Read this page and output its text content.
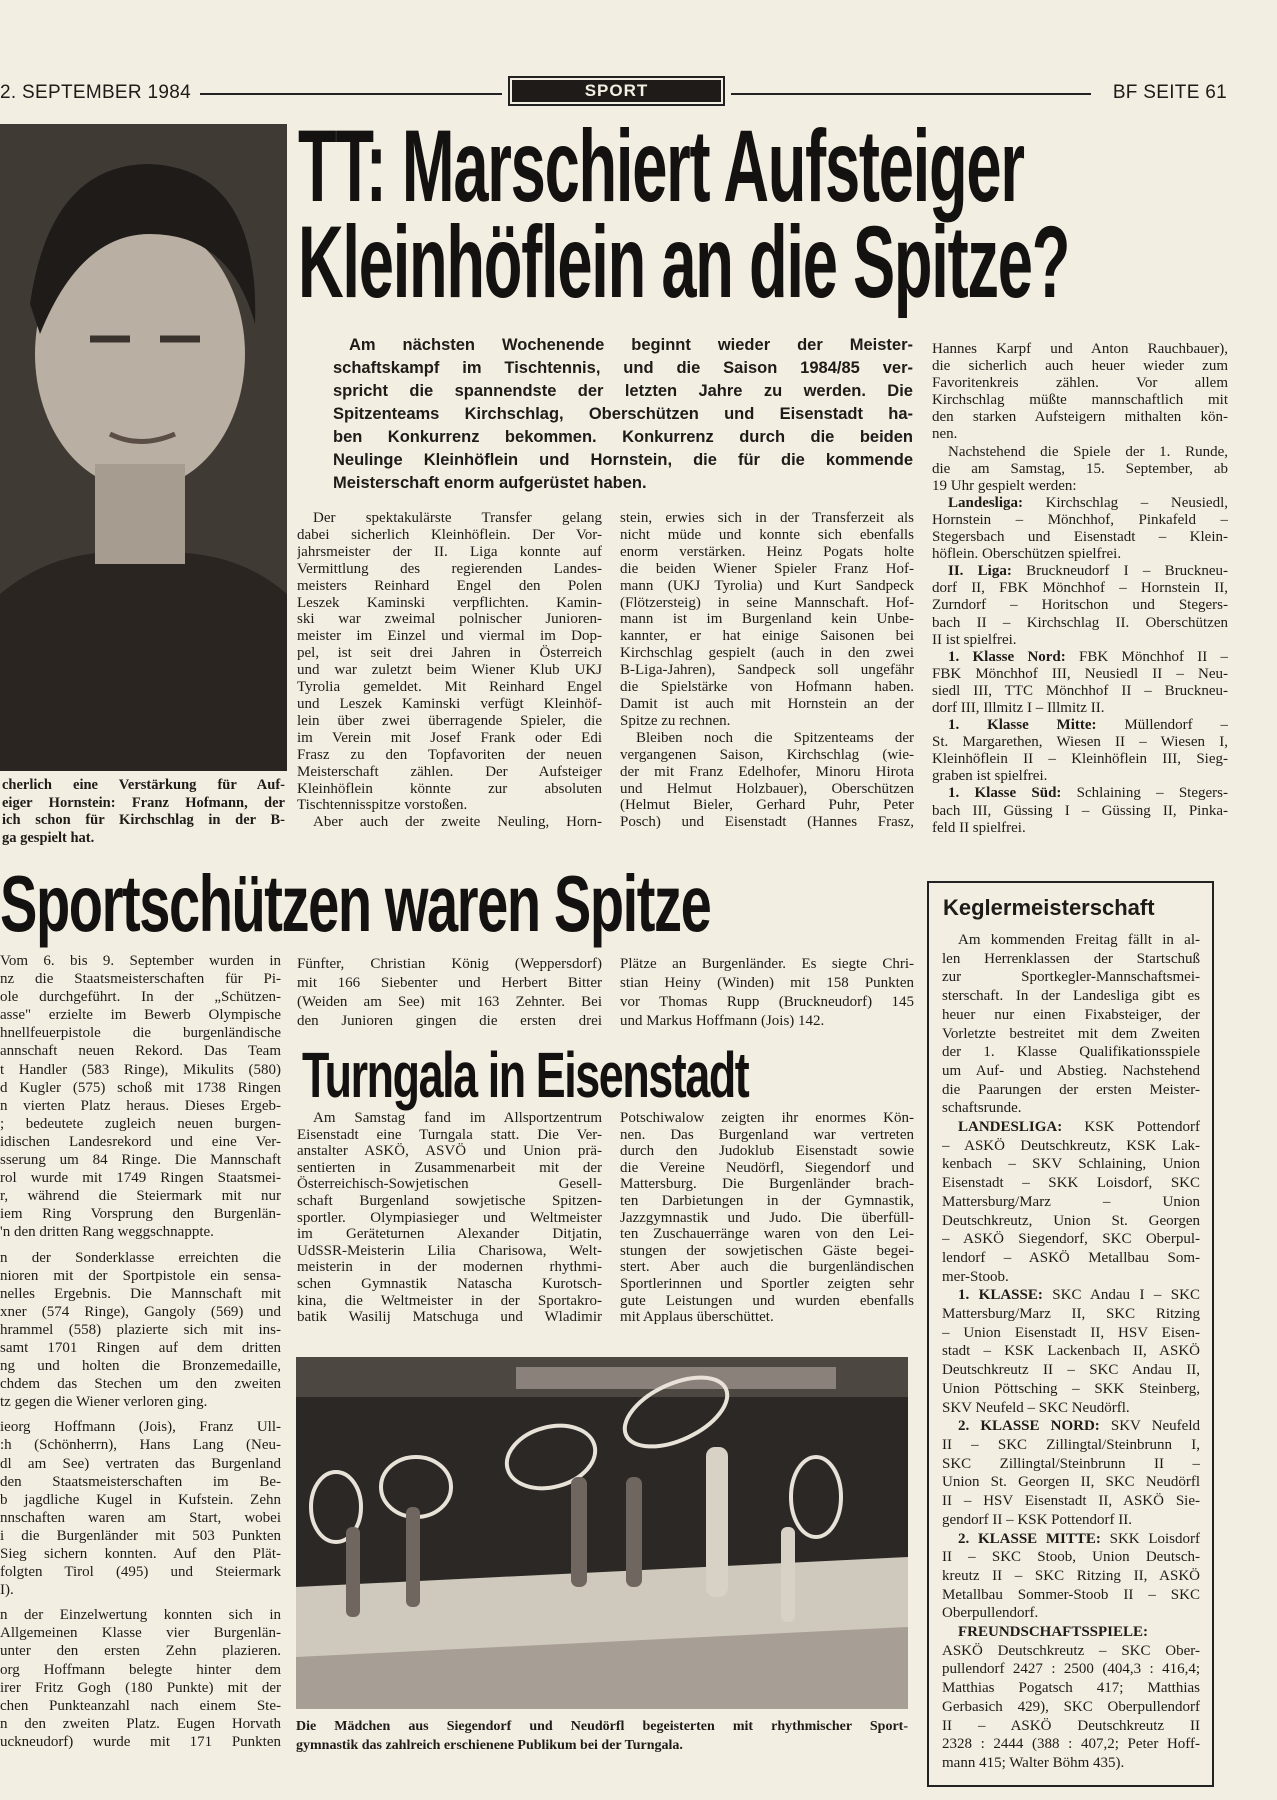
2. SEPTEMBER 1984	SPORT	BF SEITE 61
cherlich eine Verstärkung für Auf-
eiger Hornstein: Franz Hofmann, der
ich schon für Kirchschlag in der B-
ga gespielt hat.
TT: Marschiert Aufsteiger
Kleinhöflein an die Spitze?
Am nächsten Wochenende beginnt wieder der Meister-
schaftskampf im Tischtennis, und die Saison 1984/85 ver-
spricht die spannendste der letzten Jahre zu werden. Die
Spitzenteams Kirchschlag, Oberschützen und Eisenstadt ha-
ben Konkurrenz bekommen. Konkurrenz durch die beiden
Neulinge Kleinhöflein und Hornstein, die für die kommende
Meisterschaft enorm aufgerüstet haben.
Der spektakulärste Transfer gelang
dabei sicherlich Kleinhöflein. Der Vor-
jahrsmeister der II. Liga konnte auf
Vermittlung des regierenden Landes-
meisters Reinhard Engel den Polen
Leszek Kaminski verpflichten. Kamin-
ski war zweimal polnischer Junioren-
meister im Einzel und viermal im Dop-
pel, ist seit drei Jahren in Österreich
und war zuletzt beim Wiener Klub UKJ
Tyrolia gemeldet. Mit Reinhard Engel
und Leszek Kaminski verfügt Kleinhöf-
lein über zwei überragende Spieler, die
im Verein mit Josef Frank oder Edi
Frasz zu den Topfavoriten der neuen
Meisterschaft zählen. Der Aufsteiger
Kleinhöflein könnte zur absoluten
Tischtennisspitze vorstoßen.
Aber auch der zweite Neuling, Horn-
stein, erwies sich in der Transferzeit als
nicht müde und konnte sich ebenfalls
enorm verstärken. Heinz Pogats holte
die beiden Wiener Spieler Franz Hof-
mann (UKJ Tyrolia) und Kurt Sandpeck
(Flötzersteig) in seine Mannschaft. Hof-
mann ist im Burgenland kein Unbe-
kannter, er hat einige Saisonen bei
Kirchschlag gespielt (auch in den zwei
B-Liga-Jahren), Sandpeck soll ungefähr
die Spielstärke von Hofmann haben.
Damit ist auch mit Hornstein an der
Spitze zu rechnen.
Bleiben noch die Spitzenteams der
vergangenen Saison, Kirchschlag (wie-
der mit Franz Edelhofer, Minoru Hirota
und Helmut Holzbauer), Oberschützen
(Helmut Bieler, Gerhard Puhr, Peter
Posch) und Eisenstadt (Hannes Frasz,
Hannes Karpf und Anton Rauchbauer),
die sicherlich auch heuer wieder zum
Favoritenkreis zählen. Vor allem
Kirchschlag müßte mannschaftlich mit
den starken Aufsteigern mithalten kön-
nen.
Nachstehend die Spiele der 1. Runde,
die am Samstag, 15. September, ab
19 Uhr gespielt werden:
Landesliga: Kirchschlag – Neusiedl,
Hornstein – Mönchhof, Pinkafeld –
Stegersbach und Eisenstadt – Klein-
höflein. Oberschützen spielfrei.
II. Liga: Bruckneudorf I – Bruckneu-
dorf II, FBK Mönchhof – Hornstein II,
Zurndorf – Horitschon und Stegers-
bach II – Kirchschlag II. Oberschützen
II ist spielfrei.
1. Klasse Nord: FBK Mönchhof II –
FBK Mönchhof III, Neusiedl II – Neu-
siedl III, TTC Mönchhof II – Bruckneu-
dorf III, Illmitz I – Illmitz II.
1. Klasse Mitte: Müllendorf –
St. Margarethen, Wiesen II – Wiesen I,
Kleinhöflein II – Kleinhöflein III, Sieg-
graben ist spielfrei.
1. Klasse Süd: Schlaining – Stegers-
bach III, Güssing I – Güssing II, Pinka-
feld II spielfrei.
Sportschützen waren Spitze
Vom 6. bis 9. September wurden in
nz die Staatsmeisterschaften für Pi-
ole durchgeführt. In der „Schützen-
asse" erzielte im Bewerb Olympische
hnellfeuerpistole die burgenländische
annschaft neuen Rekord. Das Team
t Handler (583 Ringe), Mikulits (580)
d Kugler (575) schoß mit 1738 Ringen
n vierten Platz heraus. Dieses Ergeb-
; bedeutete zugleich neuen burgen-
idischen Landesrekord und eine Ver-
sserung um 84 Ringe. Die Mannschaft
rol wurde mit 1749 Ringen Staatsmei-
r, während die Steiermark mit nur
iem Ring Vorsprung den Burgenlän-
'n den dritten Rang weggschnappte.
n der Sonderklasse erreichten die
nioren mit der Sportpistole ein sensa-
nelles Ergebnis. Die Mannschaft mit
xner (574 Ringe), Gangoly (569) und
hrammel (558) plazierte sich mit ins-
samt 1701 Ringen auf dem dritten
ng und holten die Bronzemedaille,
chdem das Stechen um den zweiten
tz gegen die Wiener verloren ging.
ieorg Hoffmann (Jois), Franz Ull-
:h (Schönherrn), Hans Lang (Neu-
dl am See) vertraten das Burgenland
den Staatsmeisterschaften im Be-
b jagdliche Kugel in Kufstein. Zehn
nnschaften waren am Start, wobei
i die Burgenländer mit 503 Punkten
Sieg sichern konnten. Auf den Plät-
folgten Tirol (495) und Steiermark
I).
n der Einzelwertung konnten sich in
Allgemeinen Klasse vier Burgenlän-
unter den ersten Zehn plazieren.
org Hoffmann belegte hinter dem
irer Fritz Gogh (180 Punkte) mit der
chen Punkteanzahl nach einem Ste-
n den zweiten Platz. Eugen Horvath
uckneudorf) wurde mit 171 Punkten
Fünfter, Christian König (Weppersdorf)
mit 166 Siebenter und Herbert Bitter
(Weiden am See) mit 163 Zehnter. Bei
den Junioren gingen die ersten drei
Plätze an Burgenländer. Es siegte Chri-
stian Heiny (Winden) mit 158 Punkten
vor Thomas Rupp (Bruckneudorf) 145
und Markus Hoffmann (Jois) 142.
Turngala in Eisenstadt
Am Samstag fand im Allsportzentrum
Eisenstadt eine Turngala statt. Die Ver-
anstalter ASKÖ, ASVÖ und Union prä-
sentierten in Zusammenarbeit mit der
Österreichisch-Sowjetischen Gesell-
schaft Burgenland sowjetische Spitzen-
sportler. Olympiasieger und Weltmeister
im Geräteturnen Alexander Ditjatin,
UdSSR-Meisterin Lilia Charisowa, Welt-
meisterin in der modernen rhythmi-
schen Gymnastik Natascha Kurotsch-
kina, die Weltmeister in der Sportakro-
batik Wasilij Matschuga und Wladimir
Potschiwalow zeigten ihr enormes Kön-
nen. Das Burgenland war vertreten
durch den Judoklub Eisenstadt sowie
die Vereine Neudörfl, Siegendorf und
Mattersburg. Die Burgenländer brach-
ten Darbietungen in der Gymnastik,
Jazzgymnastik und Judo. Die überfüll-
ten Zuschauerränge waren von den Lei-
stungen der sowjetischen Gäste begei-
stert. Aber auch die burgenländischen
Sportlerinnen und Sportler zeigten sehr
gute Leistungen und wurden ebenfalls
mit Applaus überschüttet.
Die Mädchen aus Siegendorf und Neudörfl begeisterten mit rhythmischer Sport-
gymnastik das zahlreich erschienene Publikum bei der Turngala.
Keglermeisterschaft
Am kommenden Freitag fällt in al-
len Herrenklassen der Startschuß
zur Sportkegler-Mannschaftsmei-
sterschaft. In der Landesliga gibt es
heuer nur einen Fixabsteiger, der
Vorletzte bestreitet mit dem Zweiten
der 1. Klasse Qualifikationsspiele
um Auf- und Abstieg. Nachstehend
die Paarungen der ersten Meister-
schaftsrunde.
LANDESLIGA: KSK Pottendorf
– ASKÖ Deutschkreutz, KSK Lak-
kenbach – SKV Schlaining, Union
Eisenstadt – SKK Loisdorf, SKC
Mattersburg/Marz – Union
Deutschkreutz, Union St. Georgen
– ASKÖ Siegendorf, SKC Oberpul-
lendorf – ASKÖ Metallbau Som-
mer-Stoob.
1. KLASSE: SKC Andau I – SKC
Mattersburg/Marz II, SKC Ritzing
– Union Eisenstadt II, HSV Eisen-
stadt – KSK Lackenbach II, ASKÖ
Deutschkreutz II – SKC Andau II,
Union Pöttsching – SKK Steinberg,
SKV Neufeld – SKC Neudörfl.
2. KLASSE NORD: SKV Neufeld
II – SKC Zillingtal/Steinbrunn I,
SKC Zillingtal/Steinbrunn II –
Union St. Georgen II, SKC Neudörfl
II – HSV Eisenstadt II, ASKÖ Sie-
gendorf II – KSK Pottendorf II.
2. KLASSE MITTE: SKK Loisdorf
II – SKC Stoob, Union Deutsch-
kreutz II – SKC Ritzing II, ASKÖ
Metallbau Sommer-Stoob II – SKC
Oberpullendorf.
FREUNDSCHAFTSSPIELE:
ASKÖ Deutschkreutz – SKC Ober-
pullendorf 2427 : 2500 (404,3 : 416,4;
Matthias Pogatsch 417; Matthias
Gerbasich 429), SKC Oberpullendorf
II – ASKÖ Deutschkreutz II
2328 : 2444 (388 : 407,2; Peter Hoff-
mann 415; Walter Böhm 435).
